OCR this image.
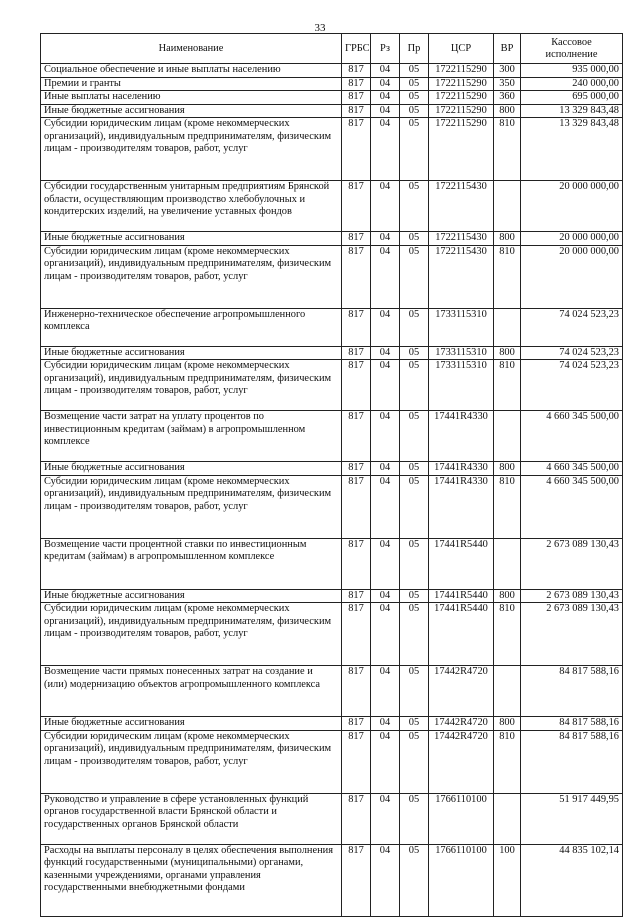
33
Наименование	ГРБС	Рз	Пр	ЦСР	ВР	Кассовое исполнение
Социальное обеспечение и иные выплаты населению	817	04	05	1722115290	300	935 000,00
Премии и гранты	817	04	05	1722115290	350	240 000,00
Иные выплаты населению	817	04	05	1722115290	360	695 000,00
Иные бюджетные ассигнования	817	04	05	1722115290	800	13 329 843,48
Субсидии юридическим лицам (кроме некоммерческих организаций), индивидуальным предпринимателям, физическим лицам - производителям товаров, работ, услуг	817	04	05	1722115290	810	13 329 843,48
Субсидии государственным унитарным предприятиям Брянской области, осуществляющим производство хлебобулочных и кондитерских изделий, на увеличение уставных фондов	817	04	05	1722115430		20 000 000,00
Иные бюджетные ассигнования	817	04	05	1722115430	800	20 000 000,00
Субсидии юридическим лицам (кроме некоммерческих организаций), индивидуальным предпринимателям, физическим лицам - производителям товаров, работ, услуг	817	04	05	1722115430	810	20 000 000,00
Инженерно-техническое обеспечение агропромышленного комплекса	817	04	05	1733115310		74 024 523,23
Иные бюджетные ассигнования	817	04	05	1733115310	800	74 024 523,23
Субсидии юридическим лицам (кроме некоммерческих организаций), индивидуальным предпринимателям, физическим лицам - производителям товаров, работ, услуг	817	04	05	1733115310	810	74 024 523,23
Возмещение части затрат на уплату процентов по инвестиционным кредитам (займам) в агропромышленном комплексе	817	04	05	17441R4330		4 660 345 500,00
Иные бюджетные ассигнования	817	04	05	17441R4330	800	4 660 345 500,00
Субсидии юридическим лицам (кроме некоммерческих организаций), индивидуальным предпринимателям, физическим лицам - производителям товаров, работ, услуг	817	04	05	17441R4330	810	4 660 345 500,00
Возмещение части процентной ставки по инвестиционным кредитам (займам) в агропромышленном комплексе	817	04	05	17441R5440		2 673 089 130,43
Иные бюджетные ассигнования	817	04	05	17441R5440	800	2 673 089 130,43
Субсидии юридическим лицам (кроме некоммерческих организаций), индивидуальным предпринимателям, физическим лицам - производителям товаров, работ, услуг	817	04	05	17441R5440	810	2 673 089 130,43
Возмещение части прямых понесенных затрат на создание и (или) модернизацию объектов агропромышленного комплекса	817	04	05	17442R4720		84 817 588,16
Иные бюджетные ассигнования	817	04	05	17442R4720	800	84 817 588,16
Субсидии юридическим лицам (кроме некоммерческих организаций), индивидуальным предпринимателям, физическим лицам - производителям товаров, работ, услуг	817	04	05	17442R4720	810	84 817 588,16
Руководство и управление в сфере установленных функций органов государственной власти Брянской области и государственных органов Брянской области	817	04	05	1766110100		51 917 449,95
Расходы на выплаты персоналу в целях обеспечения выполнения функций государственными (муниципальными) органами, казенными учреждениями, органами управления государственными внебюджетными фондами	817	04	05	1766110100	100	44 835 102,14
